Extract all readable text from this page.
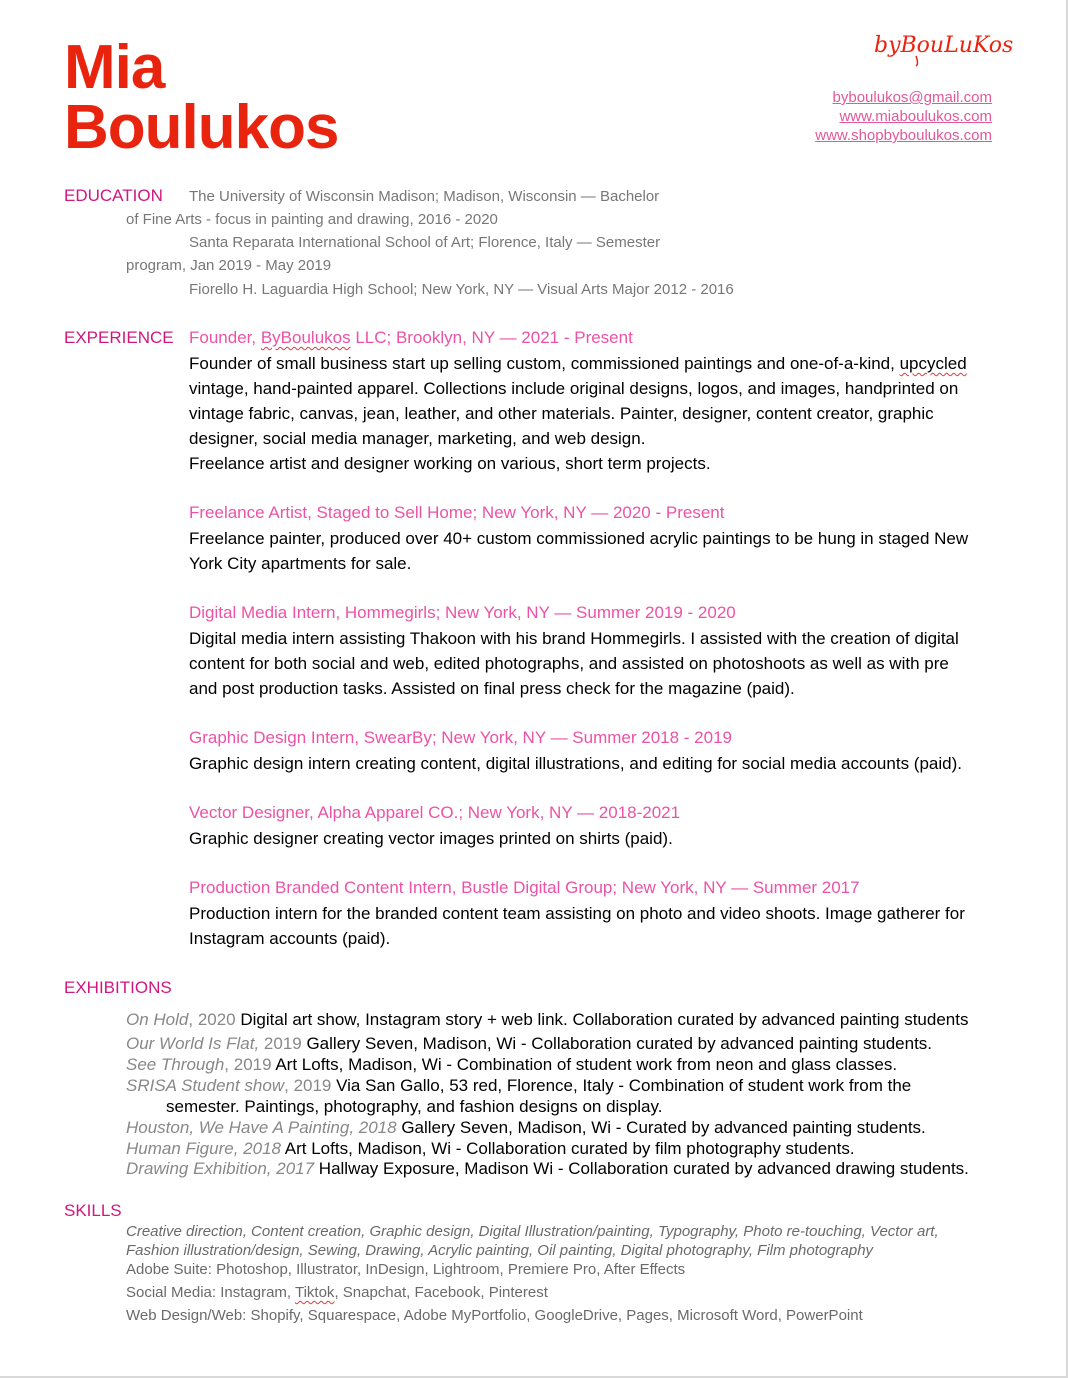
Mia
Boulukos
byBouLuKos
byboulukos@gmail.com
www.miaboulukos.com
www.shopbyboulukos.com
EDUCATION The University of Wisconsin Madison; Madison, Wisconsin — Bachelor
of Fine Arts - focus in painting and drawing, 2016 - 2020
Santa Reparata International School of Art; Florence, Italy — Semester
program, Jan 2019 - May 2019
Fiorello H. Laguardia High School; New York, NY — Visual Arts Major 2012 - 2016
EXPERIENCE Founder, ByBoulukos LLC; Brooklyn, NY — 2021 - Present
Founder of small business start up selling custom, commissioned paintings and one-of-a-kind, upcycled
vintage, hand-painted apparel. Collections include original designs, logos, and images, handprinted on
vintage fabric, canvas, jean, leather, and other materials. Painter, designer, content creator, graphic
designer, social media manager, marketing, and web design.
Freelance artist and designer working on various, short term projects.
Freelance Artist, Staged to Sell Home; New York, NY — 2020 - Present
Freelance painter, produced over 40+ custom commissioned acrylic paintings to be hung in staged New
York City apartments for sale.
Digital Media Intern, Hommegirls; New York, NY — Summer 2019 - 2020
Digital media intern assisting Thakoon with his brand Hommegirls. I assisted with the creation of digital
content for both social and web, edited photographs, and assisted on photoshoots as well as with pre
and post production tasks. Assisted on final press check for the magazine (paid).
Graphic Design Intern, SwearBy; New York, NY — Summer 2018 - 2019
Graphic design intern creating content, digital illustrations, and editing for social media accounts (paid).
Vector Designer, Alpha Apparel CO.; New York, NY — 2018-2021
Graphic designer creating vector images printed on shirts (paid).
Production Branded Content Intern, Bustle Digital Group; New York, NY — Summer 2017
Production intern for the branded content team assisting on photo and video shoots. Image gatherer for
Instagram accounts (paid).
EXHIBITIONS
On Hold, 2020 Digital art show, Instagram story + web link. Collaboration curated by advanced painting students
Our World Is Flat, 2019 Gallery Seven, Madison, Wi - Collaboration curated by advanced painting students.
See Through, 2019 Art Lofts, Madison, Wi - Combination of student work from neon and glass classes.
SRISA Student show, 2019 Via San Gallo, 53 red, Florence, Italy - Combination of student work from the
semester. Paintings, photography, and fashion designs on display.
Houston, We Have A Painting, 2018 Gallery Seven, Madison, Wi - Curated by advanced painting students.
Human Figure, 2018 Art Lofts, Madison, Wi - Collaboration curated by film photography students.
Drawing Exhibition, 2017 Hallway Exposure, Madison Wi - Collaboration curated by advanced drawing students.
SKILLS
Creative direction, Content creation, Graphic design, Digital Illustration/painting, Typography, Photo re-touching, Vector art,
Fashion illustration/design, Sewing, Drawing, Acrylic painting, Oil painting, Digital photography, Film photography
Adobe Suite: Photoshop, Illustrator, InDesign, Lightroom, Premiere Pro, After Effects
Social Media: Instagram, Tiktok, Snapchat, Facebook, Pinterest
Web Design/Web: Shopify, Squarespace, Adobe MyPortfolio, GoogleDrive, Pages, Microsoft Word, PowerPoint
